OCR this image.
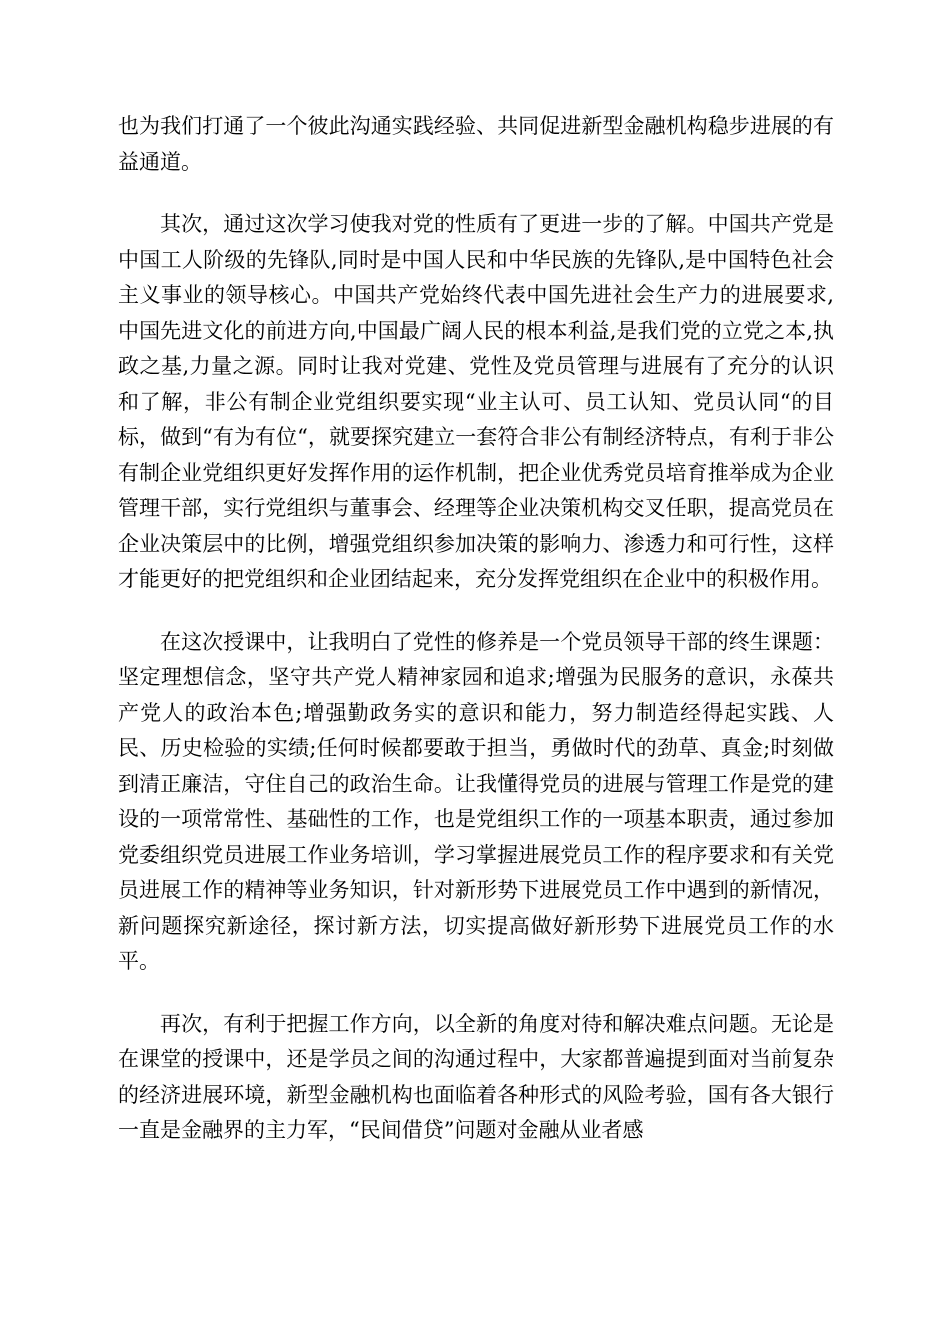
也为我们打通了一个彼此沟通实践经验、共同促进新型金融机构稳步进展的有益通道。

其次，通过这次学习使我对党的性质有了更进一步的了解。中国共产党是中国工人阶级的先锋队,同时是中国人民和中华民族的先锋队,是中国特色社会主义事业的领导核心。中国共产党始终代表中国先进社会生产力的进展要求,中国先进文化的前进方向,中国最广阔人民的根本利益,是我们党的立党之本,执政之基,力量之源。同时让我对党建、党性及党员管理与进展有了充分的认识和了解，非公有制企业党组织要实现“业主认可、员工认知、党员认同“的目标，做到“有为有位“，就要探究建立一套符合非公有制经济特点，有利于非公有制企业党组织更好发挥作用的运作机制，把企业优秀党员培育推举成为企业管理干部，实行党组织与董事会、经理等企业决策机构交叉任职，提高党员在企业决策层中的比例，增强党组织参加决策的影响力、渗透力和可行性，这样才能更好的把党组织和企业团结起来，充分发挥党组织在企业中的积极作用。

在这次授课中，让我明白了党性的修养是一个党员领导干部的终生课题：坚定理想信念，坚守共产党人精神家园和追求;增强为民服务的意识，永葆共产党人的政治本色;增强勤政务实的意识和能力，努力制造经得起实践、人民、历史检验的实绩;任何时候都要敢于担当，勇做时代的劲草、真金;时刻做到清正廉洁，守住自己的政治生命。让我懂得党员的进展与管理工作是党的建设的一项常常性、基础性的工作，也是党组织工作的一项基本职责，通过参加党委组织党员进展工作业务培训，学习掌握进展党员工作的程序要求和有关党员进展工作的精神等业务知识，针对新形势下进展党员工作中遇到的新情况，新问题探究新途径，探讨新方法，切实提高做好新形势下进展党员工作的水平。

再次，有利于把握工作方向，以全新的角度对待和解决难点问题。无论是在课堂的授课中，还是学员之间的沟通过程中，大家都普遍提到面对当前复杂的经济进展环境，新型金融机构也面临着各种形式的风险考验，国有各大银行一直是金融界的主力军，“民间借贷”问题对金融从业者感
